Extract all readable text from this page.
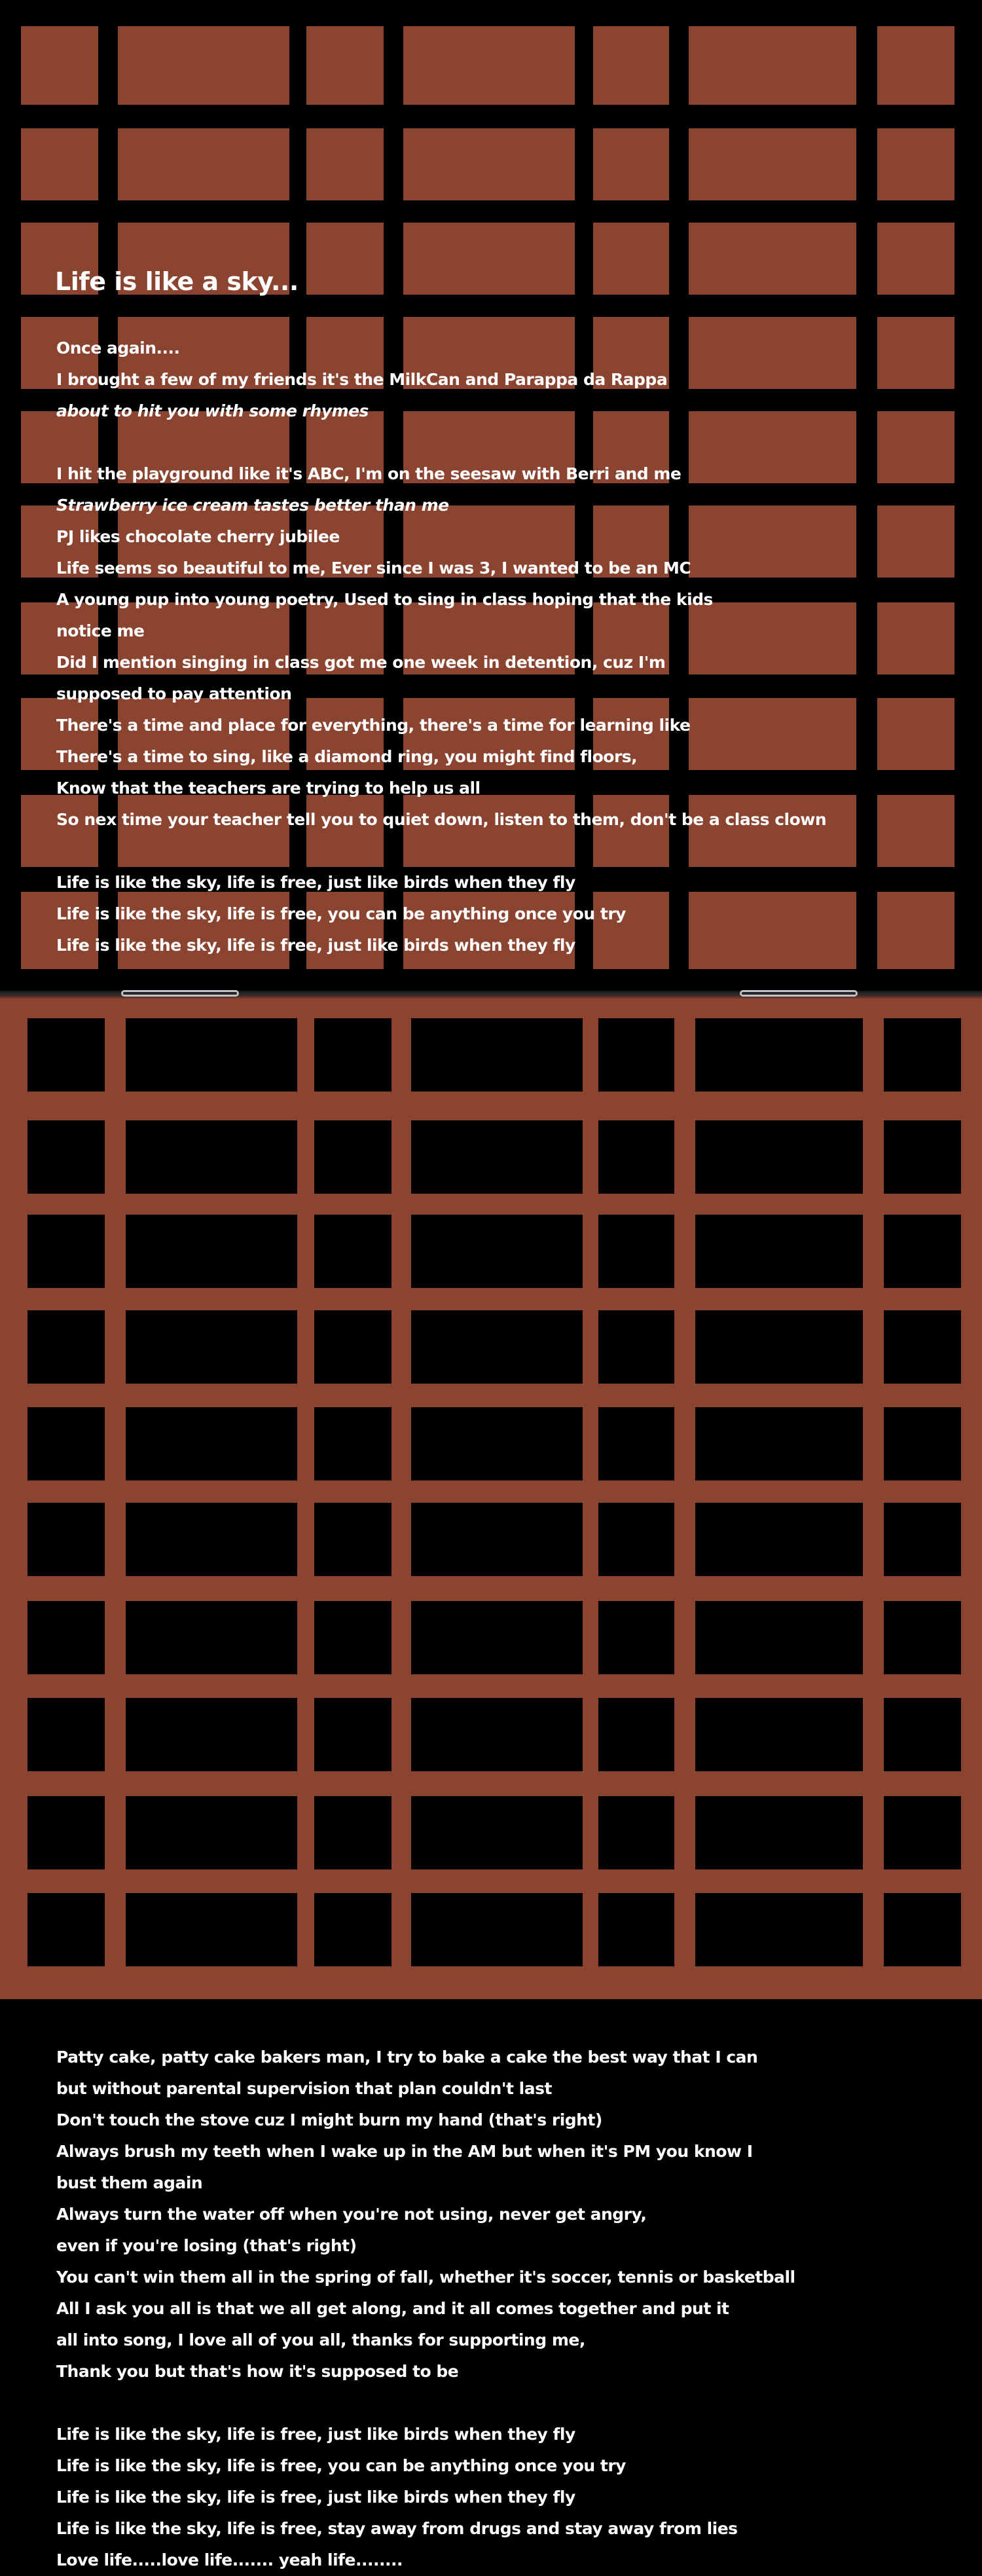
Life is like a sky...
Once again....
I brought a few of my friends it's the MilkCan and Parappa da Rappa
about to hit you with some rhymes
I hit the playground like it's ABC, I'm on the seesaw with Berri and me
Strawberry ice cream tastes better than me
PJ likes chocolate cherry jubilee
Life seems so beautiful to me, Ever since I was 3, I wanted to be an MC
A young pup into young poetry, Used to sing in class hoping that the kids
notice me
Did I mention singing in class got me one week in detention, cuz I'm
supposed to pay attention
There's a time and place for everything, there's a time for learning like
There's a time to sing, like a diamond ring, you might find floors,
Know that the teachers are trying to help us all
So nex time your teacher tell you to quiet down, listen to them, don't be a class clown
Life is like the sky, life is free, just like birds when they fly
Life is like the sky, life is free, you can be anything once you try
Life is like the sky, life is free, just like birds when they fly
Patty cake, patty cake bakers man, I try to bake a cake the best way that I can
but without parental supervision that plan couldn't last
Don't touch the stove cuz I might burn my hand (that's right)
Always brush my teeth when I wake up in the AM but when it's PM you know I
bust them again
Always turn the water off when you're not using, never get angry,
even if you're losing (that's right)
You can't win them all in the spring of fall, whether it's soccer, tennis or basketball
All I ask you all is that we all get along, and it all comes together and put it
all into song, I love all of you all, thanks for supporting me,
Thank you but that's how it's supposed to be
Life is like the sky, life is free, just like birds when they fly
Life is like the sky, life is free, you can be anything once you try
Life is like the sky, life is free, just like birds when they fly
Life is like the sky, life is free, stay away from drugs and stay away from lies
Love life.....love life....... yeah life........
